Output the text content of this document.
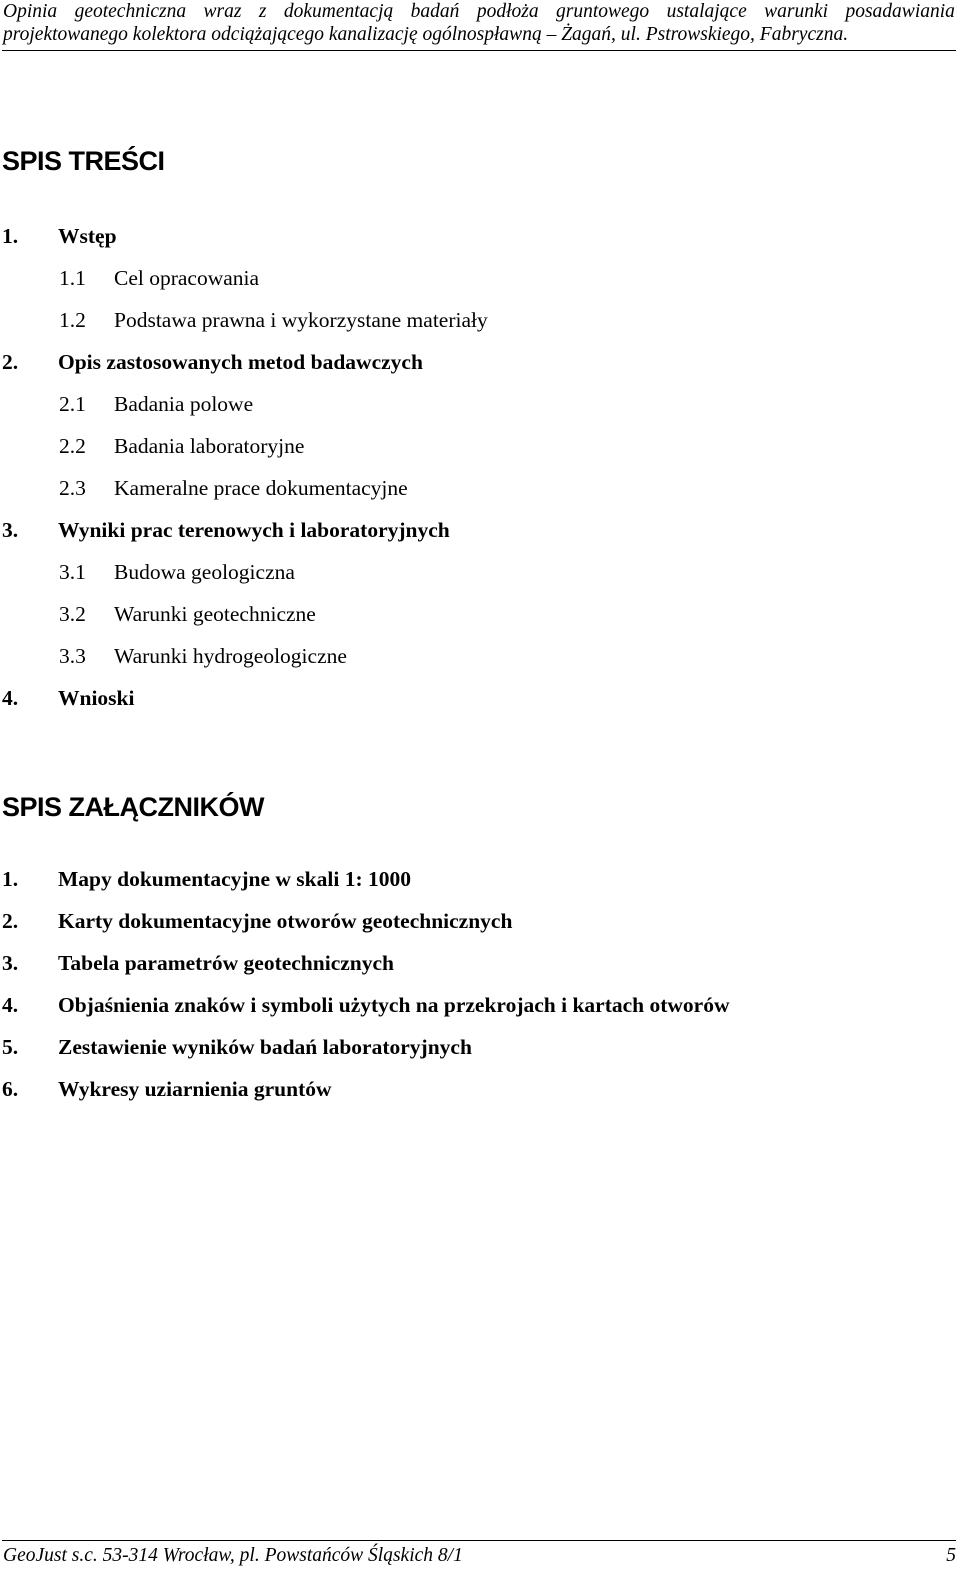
Opinia geotechniczna wraz z dokumentacją badań podłoża gruntowego ustalające warunki posadawiania
projektowanego kolektora odciążającego kanalizację ogólnospławną – Żagań, ul. Pstrowskiego, Fabryczna.
SPIS TREŚCI
1. Wstęp
1.1 Cel opracowania
1.2 Podstawa prawna i wykorzystane materiały
2. Opis zastosowanych metod badawczych
2.1 Badania polowe
2.2 Badania laboratoryjne
2.3 Kameralne prace dokumentacyjne
3. Wyniki prac terenowych i laboratoryjnych
3.1 Budowa geologiczna
3.2 Warunki geotechniczne
3.3 Warunki hydrogeologiczne
4. Wnioski
SPIS ZAŁĄCZNIKÓW
1. Mapy dokumentacyjne w skali 1: 1000
2. Karty dokumentacyjne otworów geotechnicznych
3. Tabela parametrów geotechnicznych
4. Objaśnienia znaków i symboli użytych na przekrojach i kartach otworów
5. Zestawienie wyników badań laboratoryjnych
6. Wykresy uziarnienia gruntów
GeoJust s.c. 53-314 Wrocław, pl. Powstańców Śląskich 8/1	5
